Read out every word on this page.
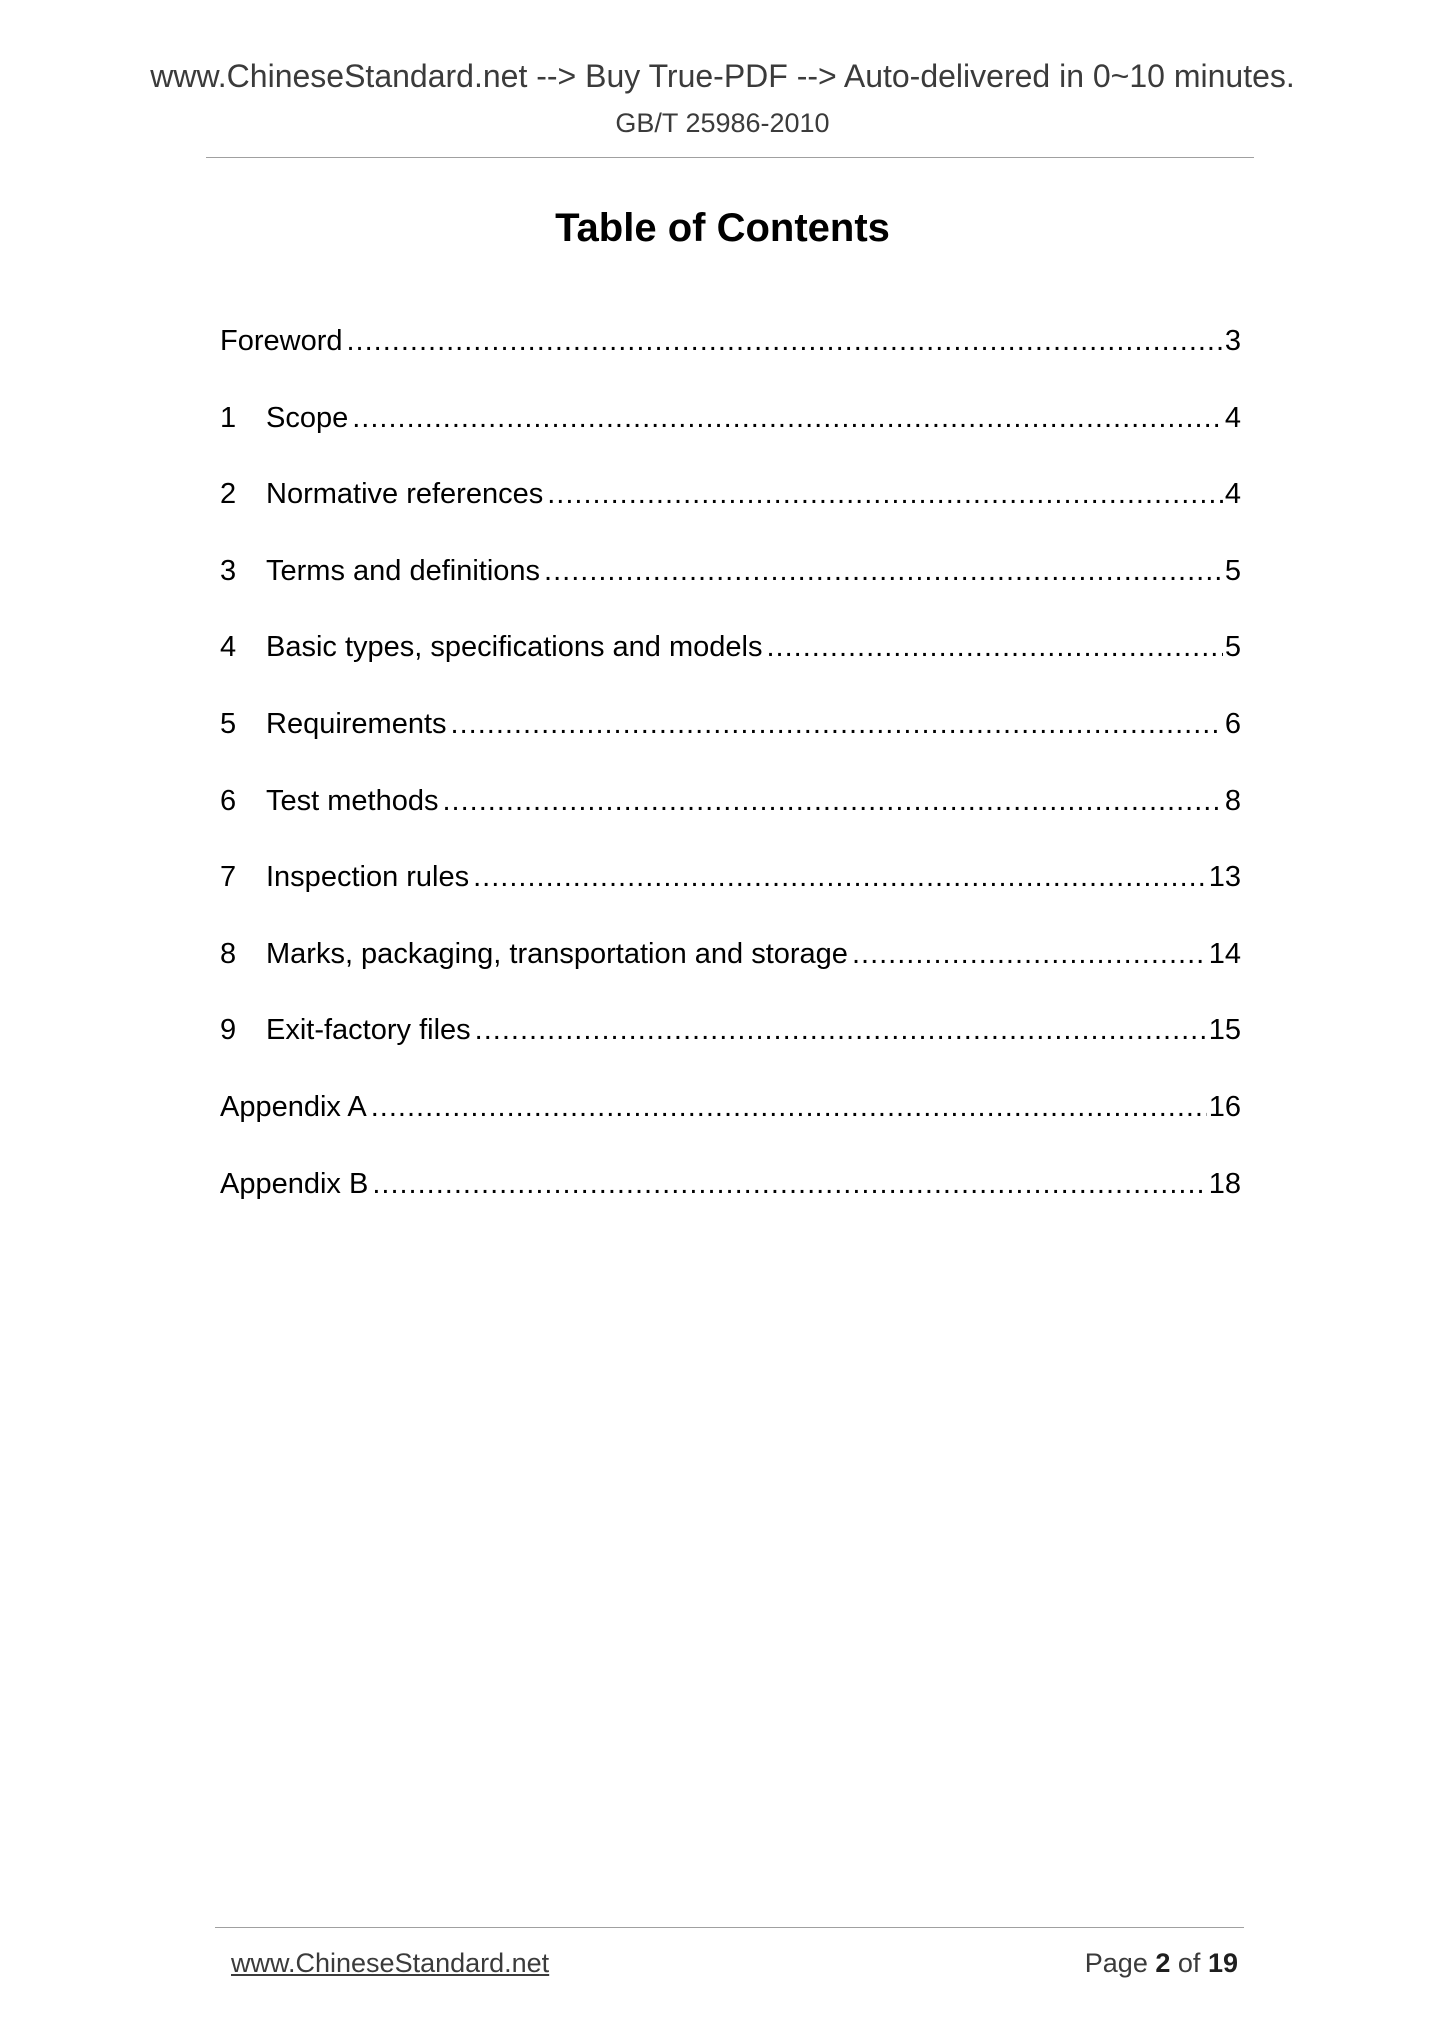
www.ChineseStandard.net --> Buy True-PDF --> Auto-delivered in 0~10 minutes.
GB/T 25986-2010
Table of Contents
Foreword .....	3
1	Scope .....	4
2	Normative references .....	4
3	Terms and definitions .....	5
4	Basic types, specifications and models .....	5
5	Requirements .....	6
6	Test methods .....	8
7	Inspection rules .....	13
8	Marks, packaging, transportation and storage .....	14
9	Exit-factory files .....	15
Appendix A .....	16
Appendix B .....	18
www.ChineseStandard.net	Page 2 of 19
